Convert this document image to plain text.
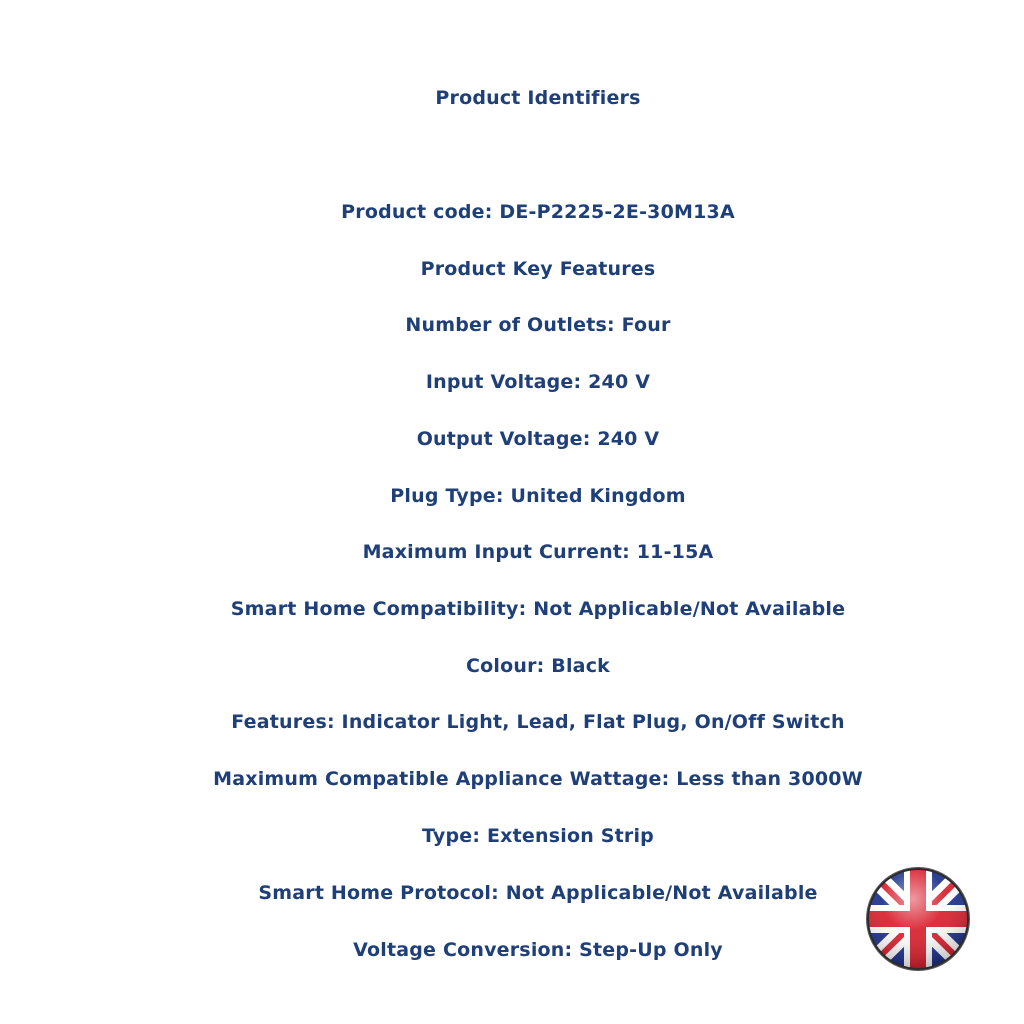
Product Identifiers
Product code: DE-P2225-2E-30M13A
Product Key Features
Number of Outlets: Four
Input Voltage: 240 V
Output Voltage: 240 V
Plug Type: United Kingdom
Maximum Input Current: 11-15A
Smart Home Compatibility: Not Applicable/Not Available
Colour: Black
Features: Indicator Light, Lead, Flat Plug, On/Off Switch
Maximum Compatible Appliance Wattage: Less than 3000W
Type: Extension Strip
Smart Home Protocol: Not Applicable/Not Available
Voltage Conversion: Step-Up Only
